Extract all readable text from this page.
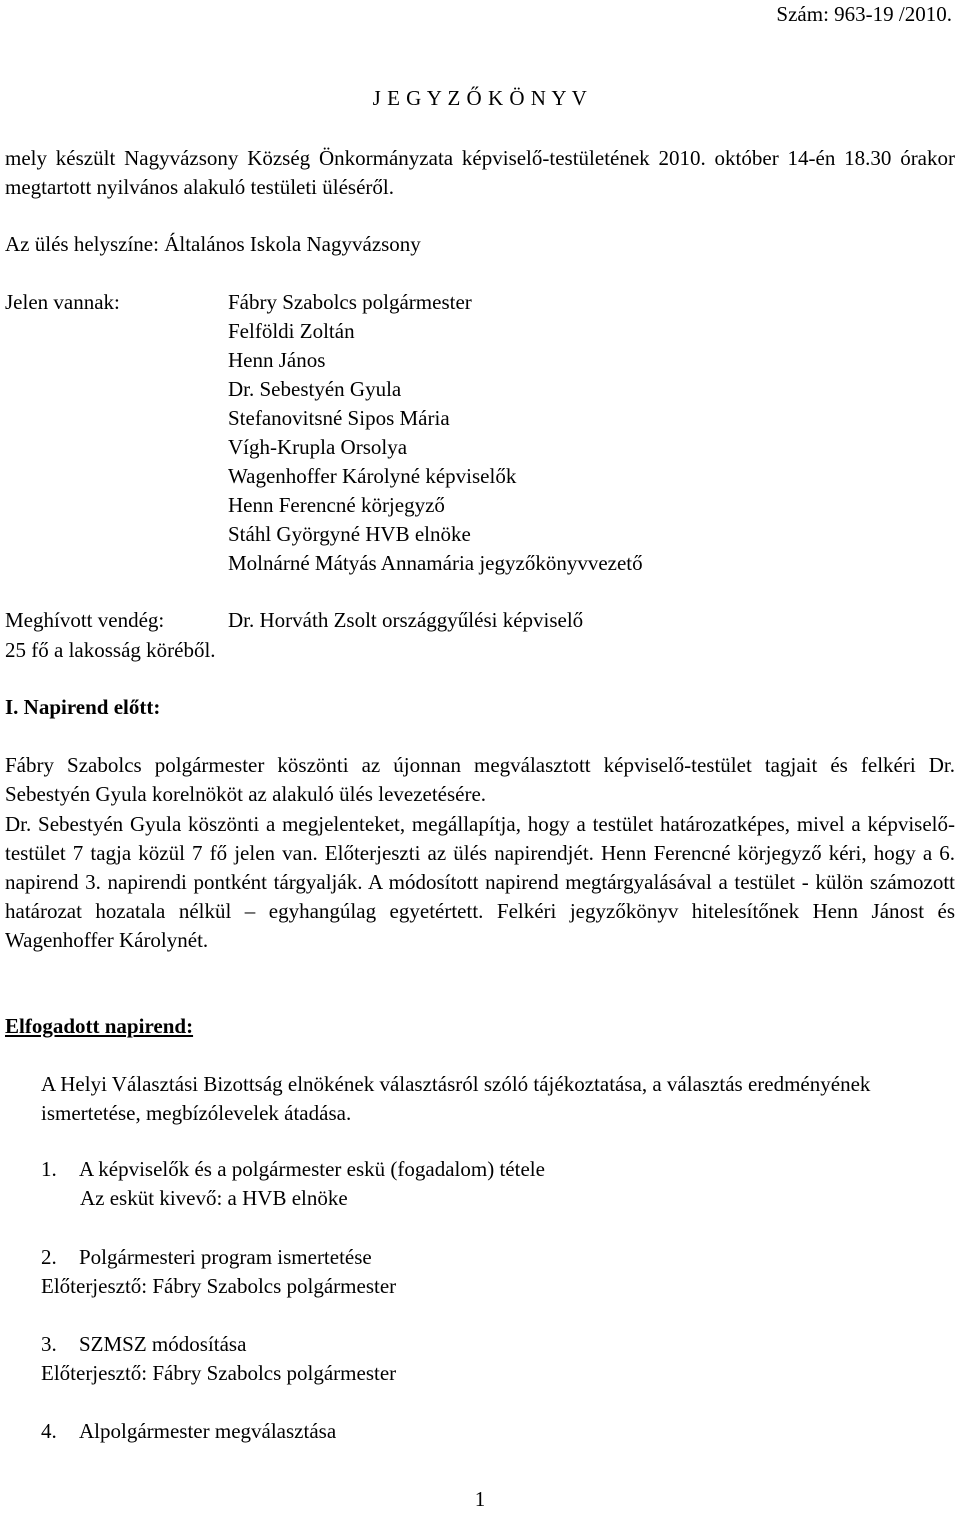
Szám: 963-19 /2010.
J E G Y Z Ő K Ö N Y V
mely készült Nagyvázsony Község Önkormányzata képviselő-testületének 2010. október 14-én 18.30 órakor megtartott nyilvános alakuló testületi üléséről.
Az ülés helyszíne: Általános Iskola Nagyvázsony
Jelen vannak:	Fábry Szabolcs polgármester
Felföldi Zoltán
Henn János
Dr. Sebestyén Gyula
Stefanovitsné Sipos Mária
Vígh-Krupla Orsolya
Wagenhoffer Károlyné képviselők
Henn Ferencné körjegyző
Stáhl Györgyné HVB elnöke
Molnárné Mátyás Annamária jegyzőkönyvvezető
Meghívott vendég:	Dr. Horváth Zsolt országgyűlési képviselő
25 fő a lakosság köréből.
I. Napirend előtt:
Fábry Szabolcs polgármester köszönti az újonnan megválasztott képviselő-testület tagjait és felkéri Dr. Sebestyén Gyula korelnököt az alakuló ülés levezetésére.
Dr. Sebestyén Gyula köszönti a megjelenteket, megállapítja, hogy a testület határozatképes, mivel a képviselő-testület 7 tagja közül 7 fő jelen van. Előterjeszti az ülés napirendjét. Henn Ferencné körjegyző kéri, hogy a 6. napirend 3. napirendi pontként tárgyalják. A módosított napirend megtárgyalásával a testület - külön számozott határozat hozatala nélkül – egyhangúlag egyetértett. Felkéri jegyzőkönyv hitelesítőnek Henn Jánost és Wagenhoffer Károlynét.
Elfogadott napirend:
A Helyi Választási Bizottság elnökének választásról szóló tájékoztatása, a választás eredményének ismertetése, megbízólevelek átadása.
1. A képviselők és a polgármester eskü (fogadalom) tétele
Az esküt kivevő: a HVB elnöke
2. Polgármesteri program ismertetése
Előterjesztő: Fábry Szabolcs polgármester
3. SZMSZ módosítása
Előterjesztő: Fábry Szabolcs polgármester
4. Alpolgármester megválasztása
1
